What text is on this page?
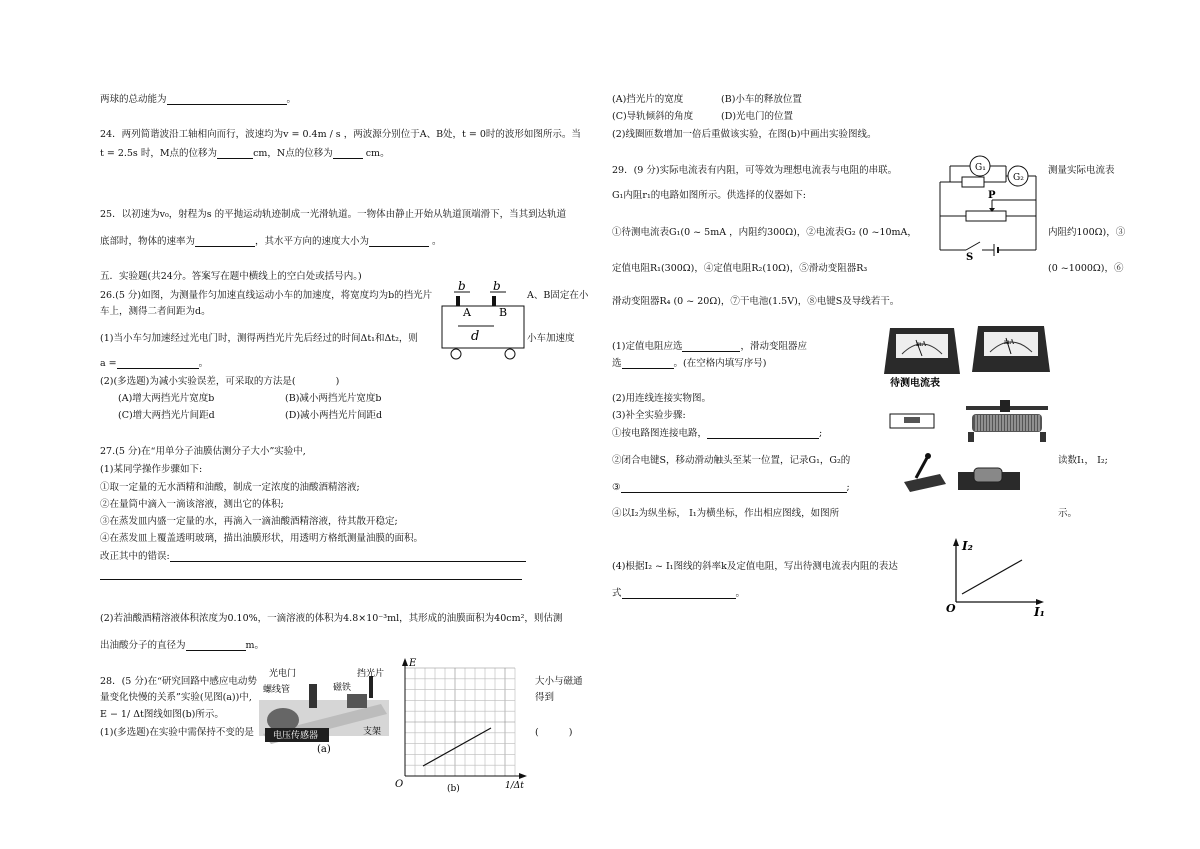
两球的总动能为	。
24．两列简谐波沿工轴相向而行，波速均为v = 0.4m / s ，两波源分别位于A、B处，t = 0时的波形如图所示。当
t = 2.5s 时，M点的位移为	cm，N点的位移为	cm。
25．以初速为v₀，射程为s 的平抛运动轨迹制成一光滑轨道。一物体由静止开始从轨道顶端滑下，当其到达轨道
底部时，物体的速率为	，其水平方向的速度大小为	。
五．实验题(共24分。答案写在题中横线上的空白处或括号内。)
26.(5 分)如图，为测量作匀加速直线运动小车的加速度，将宽度均为b的挡光片	A、B固定在小
车上，测得二者间距为d。
(1)当小车匀加速经过光电门时，测得两挡光片先后经过的时间Δt₁和Δt₂，则	小车加速度
a =	。
(2)(多选题)为减小实验误差，可采取的方法是(	)
(A)增大两挡光片宽度b	(B)减小两挡光片宽度b
(C)增大两挡光片间距d	(D)减小两挡光片间距d
b b
A	B
d
27.(5 分)在“用单分子油膜估测分子大小”实验中,
(1)某同学操作步骤如下:
①取一定量的无水酒精和油酸，制成一定浓度的油酸酒精溶液;
②在量筒中滴入一滴该溶液，测出它的体积;
③在蒸发皿内盛一定量的水，再滴入一滴油酸酒精溶液，待其散开稳定;
④在蒸发皿上覆盖透明玻璃，描出油膜形状，用透明方格纸测量油膜的面积。
改正其中的错误:
(2)若油酸酒精溶液体积浓度为0.10%，一滴溶液的体积为4.8×10⁻³ml，其形成的油膜面积为40cm²，则估测
出油酸分子的直径为	m。
28．(5 分)在“研究回路中感应电动势
量变化快慢的关系”实验(见图(a))中,
E − 1/ Δt图线如图(b)所示。
(1)(多选题)在实验中需保持不变的是
大小与磁通
得到
(	)
光电门	挡光片
螺线管	磁铁
电压传感器	支架
(a)
E
1/Δt
O	(b)
(A)挡光片的宽度	(B)小车的释放位置
(C)导轨倾斜的角度	(D)光电门的位置
(2)线圈匝数增加一倍后重做该实验，在图(b)中画出实验图线。
29．(9 分)实际电流表有内阻，可等效为理想电流表与电阻的串联。	测量实际电流表
G₁内阻r₁的电路如图所示。供选择的仪器如下:
①待测电流表G₁(0 ~ 5mA ，内阻约300Ω)，②电流表G₂ (0 ~10mA，	内阻约100Ω)，③
定值电阻R₁(300Ω)，④定值电阻R₂(10Ω)，⑤滑动变阻器R₃	(0 ~1000Ω)，⑥
滑动变阻器R₄ (0 ~ 20Ω)，⑦干电池(1.5V)，⑧电键S及导线若干。
G₁
G₂
P
S
(1)定值电阻应选	，滑动变阻器应
选	。(在空格内填写序号)
(2)用连线连接实物图。
(3)补全实验步骤:
①按电路图连接电路，	;
②闭合电键S，移动滑动触头至某一位置，记录G₁，G₂的	读数I₁， I₂;
③	;
④以I₂为纵坐标， I₁为横坐标，作出相应图线，如图所	示。
(4)根据I₂ ~ I₁图线的斜率k及定值电阻，写出待测电流表内阻的表达
式	。
mA
待测电流表
mA
I₂
I₁
O
